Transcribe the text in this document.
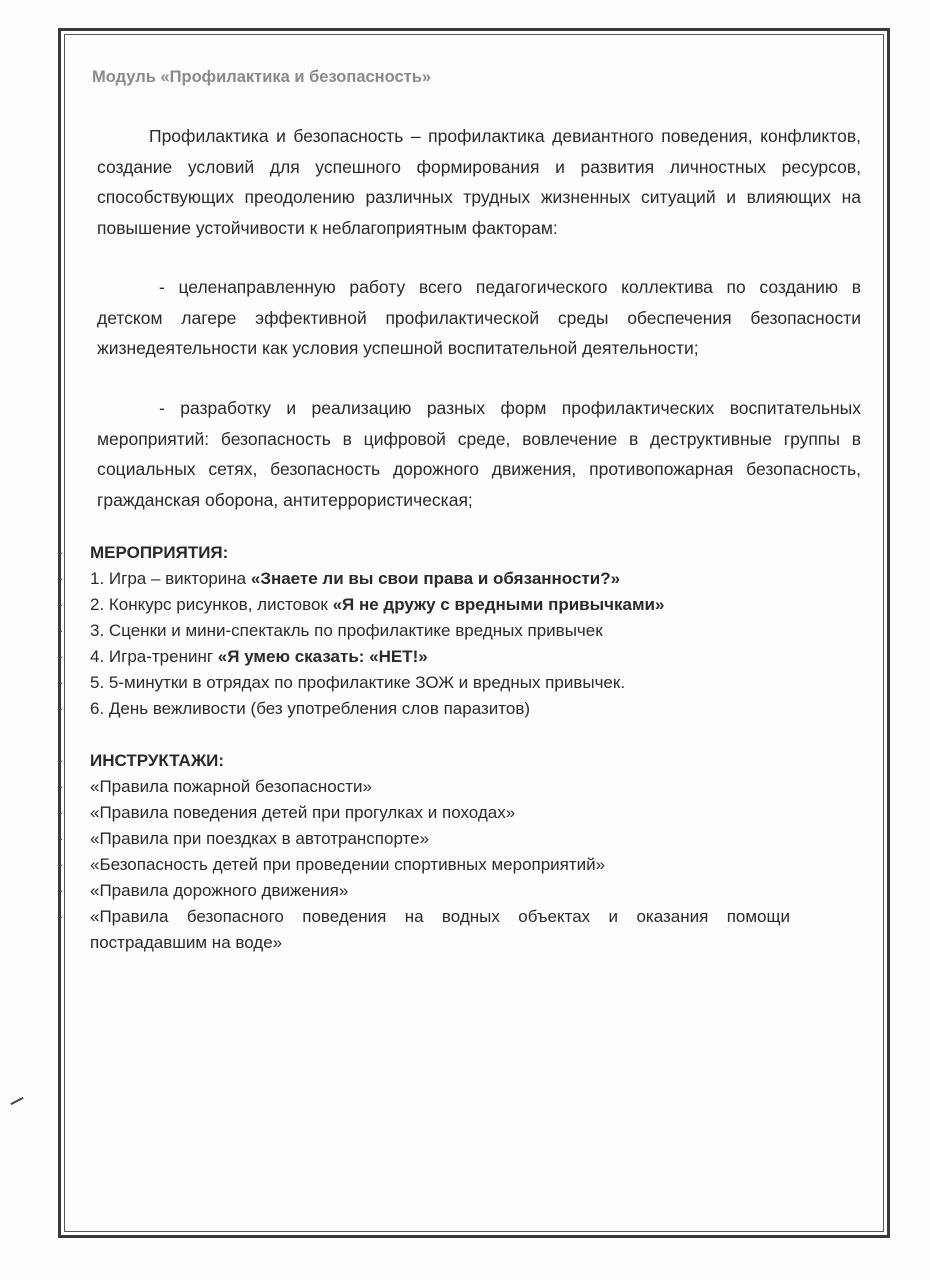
Модуль «Профилактика и безопасность»

Профилактика и безопасность – профилактика девиантного поведения, конфликтов, создание условий для успешного формирования и развития личностных ресурсов, способствующих преодолению различных трудных жизненных ситуаций и влияющих на повышение устойчивости к неблагоприятным факторам:

- целенаправленную работу всего педагогического коллектива по созданию в детском лагере эффективной профилактической среды обеспечения безопасности жизнедеятельности как условия успешной воспитательной деятельности;

- разработку и реализацию разных форм профилактических воспитательных мероприятий: безопасность в цифровой среде, вовлечение в деструктивные группы в социальных сетях, безопасность дорожного движения, противопожарная безопасность, гражданская оборона, антитеррористическая;

-	МЕРОПРИЯТИЯ:
-	1. Игра – викторина «Знаете ли вы свои права и обязанности?»
-	2. Конкурс рисунков, листовок «Я не дружу с вредными привычками»
-	3. Сценки и мини-спектакль по профилактике вредных привычек
-	4. Игра-тренинг «Я умею сказать: «НЕТ!»
-	5. 5-минутки в отрядах по профилактике ЗОЖ и вредных привычек.
-	6. День вежливости (без употребления слов паразитов)
-	ИНСТРУКТАЖИ:
-	«Правила пожарной безопасности»
-	«Правила поведения детей при прогулках и походах»
-	«Правила при поездках в автотранспорте»
-	«Безопасность детей при проведении спортивных мероприятий»
-	«Правила дорожного движения»
-	«Правила безопасного поведения на водных объектах и оказания помощи пострадавшим на воде»
